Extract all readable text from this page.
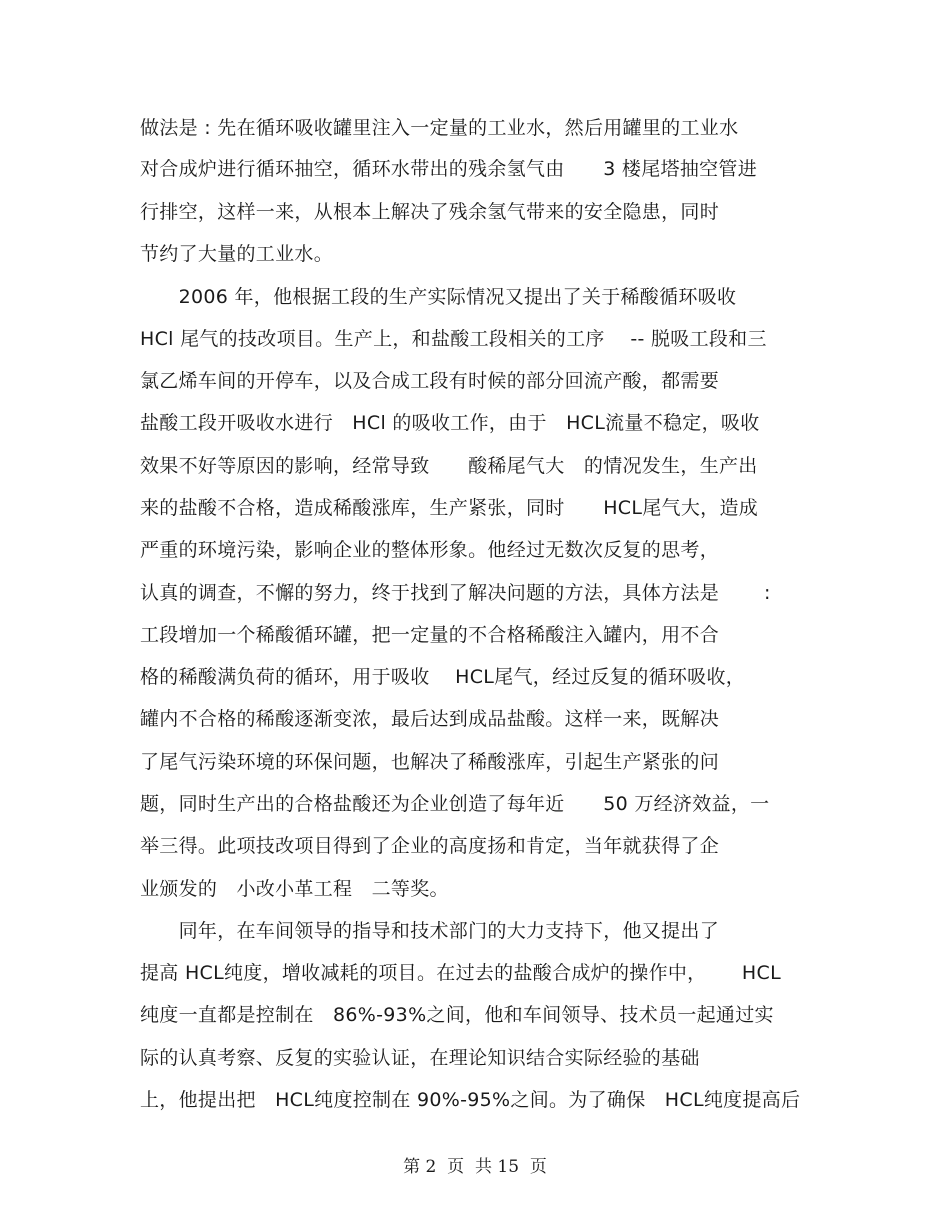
做法是 : 先在循环吸收罐里注入一定量的工业水，然后用罐里的工业水
对合成炉进行循环抽空，循环水带出的残余氢气由　　3 楼尾塔抽空管进
行排空，这样一来，从根本上解决了残余氢气带来的安全隐患，同时
节约了大量的工业水。
　　2006 年，他根据工段的生产实际情况又提出了关于稀酸循环吸收
HCl 尾气的技改项目。生产上，和盐酸工段相关的工序　 -- 脱吸工段和三
氯乙烯车间的开停车，以及合成工段有时候的部分回流产酸，都需要
盐酸工段开吸收水进行　HCl 的吸收工作，由于　HCL流量不稳定，吸收
效果不好等原因的影响，经常导致　　酸稀尾气大　的情况发生，生产出
来的盐酸不合格，造成稀酸涨库，生产紧张，同时　　HCL尾气大，造成
严重的环境污染，影响企业的整体形象。他经过无数次反复的思考，
认真的调查，不懈的努力，终于找到了解决问题的方法，具体方法是　　 :
工段增加一个稀酸循环罐，把一定量的不合格稀酸注入罐内，用不合
格的稀酸满负荷的循环，用于吸收　 HCL尾气，经过反复的循环吸收，
罐内不合格的稀酸逐渐变浓，最后达到成品盐酸。这样一来，既解决
了尾气污染环境的环保问题，也解决了稀酸涨库，引起生产紧张的问
题，同时生产出的合格盐酸还为企业创造了每年近　　50 万经济效益，一
举三得。此项技改项目得到了企业的高度扬和肯定，当年就获得了企
业颁发的　小改小革工程　二等奖。
　　同年，在车间领导的指导和技术部门的大力支持下，他又提出了
提高 HCL纯度，增收减耗的项目。在过去的盐酸合成炉的操作中，　　 HCL
纯度一直都是控制在　86%-93%之间，他和车间领导、技术员一起通过实
际的认真考察、反复的实验认证，在理论知识结合实际经验的基础
上，他提出把　HCL纯度控制在 90%-95%之间。为了确保　HCL纯度提高后
第 2  页  共 15  页
